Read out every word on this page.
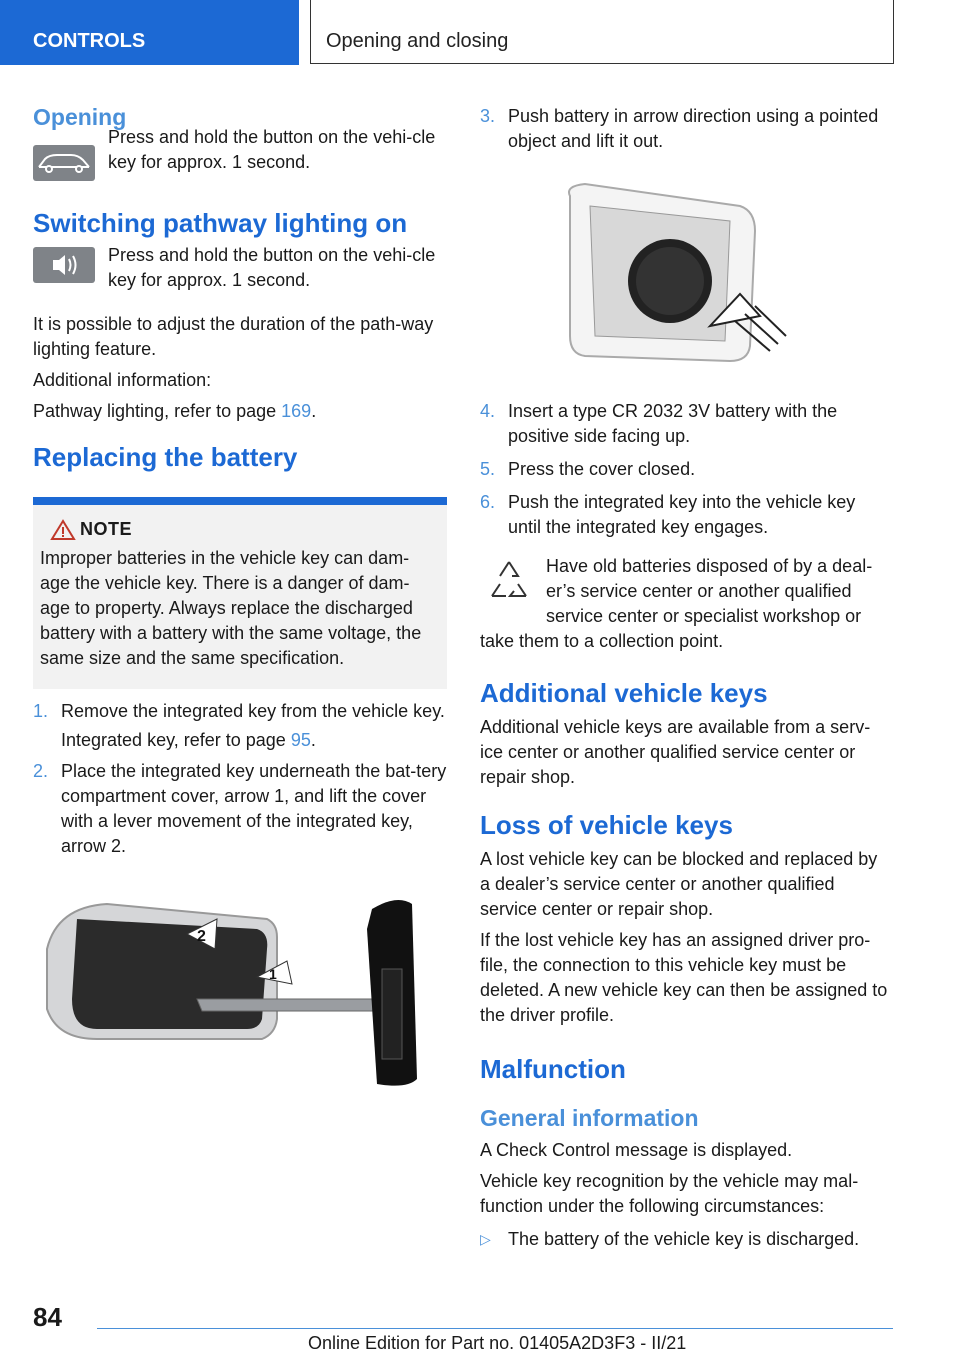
CONTROLS	Opening and closing
Opening

Press and hold the button on the vehi-cle key for approx. 1 second.

Switching pathway lighting on

Press and hold the button on the vehi-cle key for approx. 1 second.

It is possible to adjust the duration of the path-way lighting feature.

Additional information:

Pathway lighting, refer to page 169.

Replacing the battery
NOTE

Improper batteries in the vehicle key can dam-age the vehicle key. There is a danger of dam-age to property. Always replace the discharged battery with a battery with the same voltage, the same size and the same specification.

1. Remove the integrated key from the vehicle key.
Integrated key, refer to page 95.
2. Place the integrated key underneath the bat-tery compartment cover, arrow 1, and lift the cover with a lever movement of the integrated key, arrow 2.
2
1
3. Push battery in arrow direction using a pointed object and lift it out.
4. Insert a type CR 2032 3V battery with the positive side facing up.
5. Press the cover closed.
6. Push the integrated key into the vehicle key until the integrated key engages.

Have old batteries disposed of by a deal-er’s service center or another qualified service center or specialist workshop or

take them to a collection point.

Additional vehicle keys

Additional vehicle keys are available from a serv-ice center or another qualified service center or repair shop.

Loss of vehicle keys

A lost vehicle key can be blocked and replaced by a dealer’s service center or another qualified service center or repair shop.

If the lost vehicle key has an assigned driver pro-file, the connection to this vehicle key must be deleted. A new vehicle key can then be assigned to the driver profile.

Malfunction
General information

A Check Control message is displayed.

Vehicle key recognition by the vehicle may mal-function under the following circumstances:

▷ The battery of the vehicle key is discharged.
84
Online Edition for Part no. 01405A2D3F3 - II/21
